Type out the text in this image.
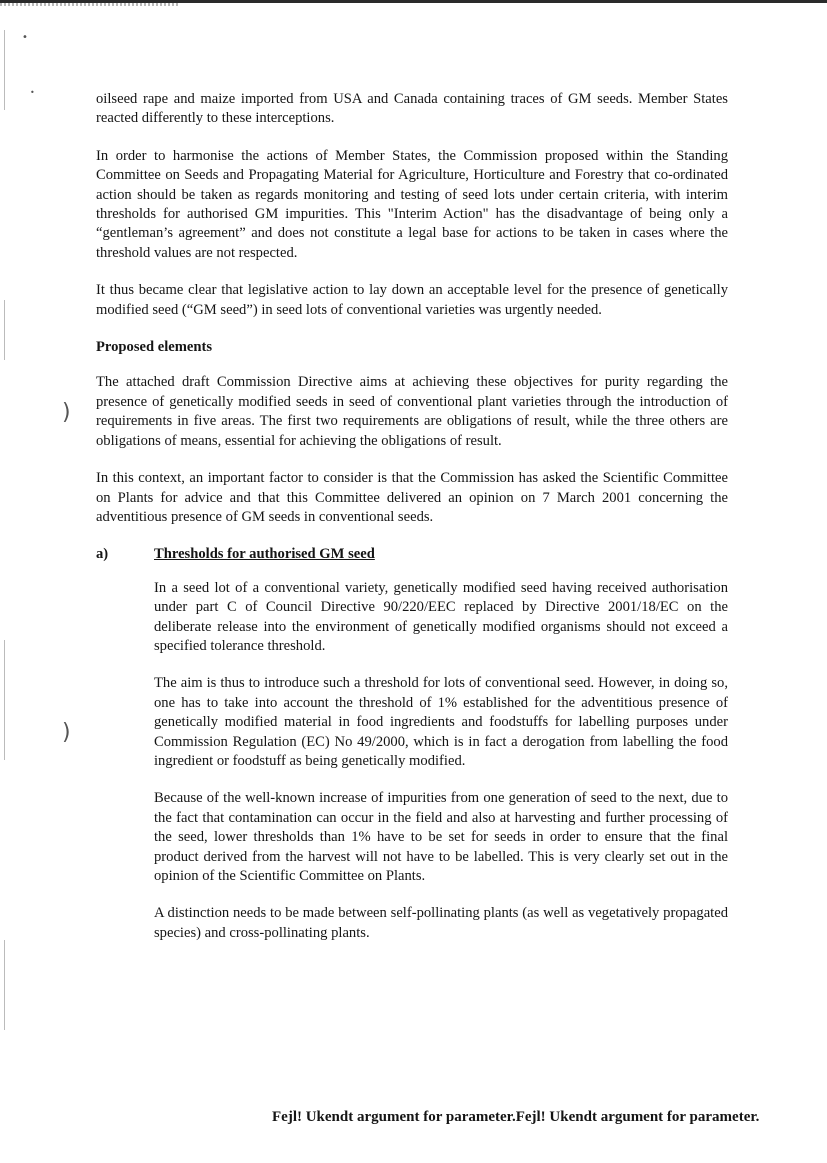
•
•
)
)

oilseed rape and maize imported from USA and Canada containing traces of GM seeds. Member States reacted differently to these interceptions.

In order to harmonise the actions of Member States, the Commission proposed within the Standing Committee on Seeds and Propagating Material for Agriculture, Horticulture and Forestry that co-ordinated action should be taken as regards monitoring and testing of seed lots under certain criteria, with interim thresholds for authorised GM impurities. This "Interim Action" has the disadvantage of being only a “gentleman’s agreement” and does not constitute a legal base for actions to be taken in cases where the threshold values are not respected.

It thus became clear that legislative action to lay down an acceptable level for the presence of genetically modified seed (“GM seed”) in seed lots of conventional varieties was urgently needed.

Proposed elements

The attached draft Commission Directive aims at achieving these objectives for purity regarding the presence of genetically modified seeds in seed of conventional plant varieties through the introduction of requirements in five areas. The first two requirements are obligations of result, while the three others are obligations of means, essential for achieving the obligations of result.

In this context, an important factor to consider is that the Commission has asked the Scientific Committee on Plants for advice and that this Committee delivered an opinion on 7 March 2001 concerning the adventitious presence of GM seeds in conventional seeds.

a)	Thresholds for authorised GM seed

In a seed lot of a conventional variety, genetically modified seed having received authorisation under part C of Council Directive 90/220/EEC replaced by Directive 2001/18/EC on the deliberate release into the environment of genetically modified organisms should not exceed a specified tolerance threshold.

The aim is thus to introduce such a threshold for lots of conventional seed. However, in doing so, one has to take into account the threshold of 1% established for the adventitious presence of genetically modified material in food ingredients and foodstuffs for labelling purposes under Commission Regulation (EC) No 49/2000, which is in fact a derogation from labelling the food ingredient or foodstuff as being genetically modified.

Because of the well-known increase of impurities from one generation of seed to the next, due to the fact that contamination can occur in the field and also at harvesting and further processing of the seed, lower thresholds than 1% have to be set for seeds in order to ensure that the final product derived from the harvest will not have to be labelled. This is very clearly set out in the opinion of the Scientific Committee on Plants.

A distinction needs to be made between self-pollinating plants (as well as vegetatively propagated species) and cross-pollinating plants.

Fejl! Ukendt argument for parameter.Fejl! Ukendt argument for parameter.
